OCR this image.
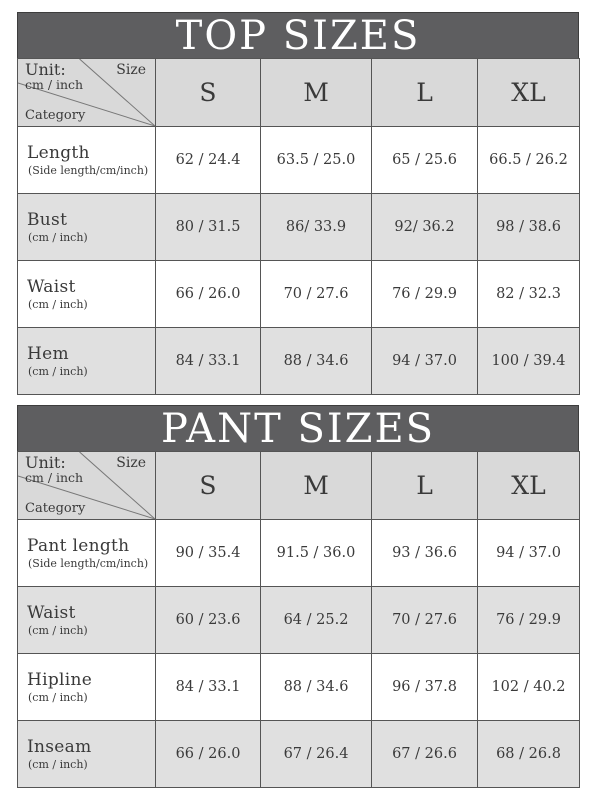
TOP SIZES
Unit:
cm / inch
Size
Category	S	M	L	XL

Length
(Side length/cm/inch)	62 / 24.4	63.5 / 25.0	65 / 25.6	66.5 / 26.2

Bust
(cm / inch)	80 / 31.5	86/ 33.9	92/ 36.2	98 / 38.6

Waist
(cm / inch)	66 / 26.0	70 / 27.6	76 / 29.9	82 / 32.3

Hem
(cm / inch)	84 / 33.1	88 / 34.6	94 / 37.0	100 / 39.4
PANT SIZES
Unit:
cm / inch
Size
Category	S	M	L	XL

Pant length
(Side length/cm/inch)	90 / 35.4	91.5 / 36.0	93 / 36.6	94 / 37.0

Waist
(cm / inch)	60 / 23.6	64 / 25.2	70 / 27.6	76 / 29.9

Hipline
(cm / inch)	84 / 33.1	88 / 34.6	96 / 37.8	102 / 40.2

Inseam
(cm / inch)	66 / 26.0	67 / 26.4	67 / 26.6	68 / 26.8
